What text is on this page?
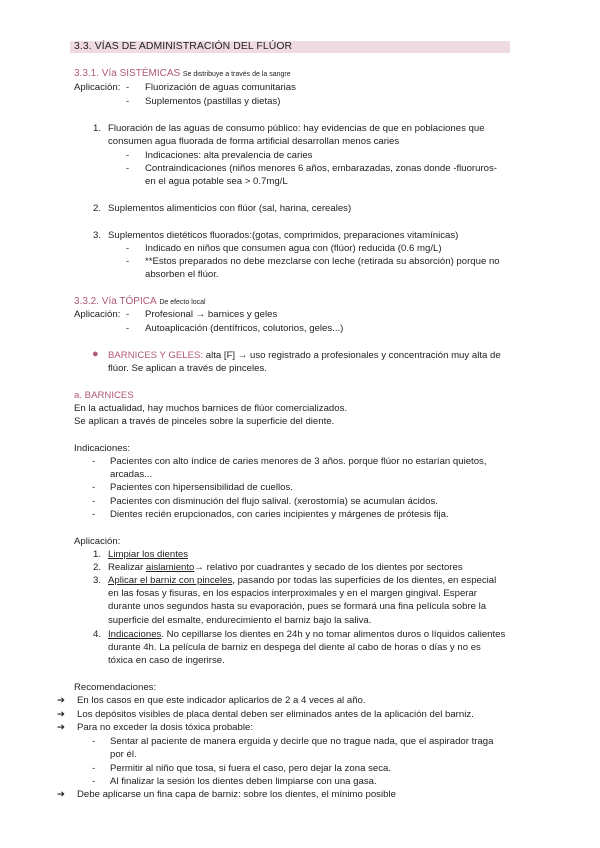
3.3. VÍAS DE ADMINISTRACIÓN DEL FLÚOR
3.3.1. Vía SISTÉMICAS Se distribuye a través de la sangre
Aplicación: - Fluorización de aguas comunitarias
- Suplementos (pastillas y dietas)
1. Fluoración de las aguas de consumo público: hay evidencias de que en poblaciones que
consumen agua fluorada de forma artificial desarrollan menos caries
- Indicaciones: alta prevalencia de caries
- Contraindicaciones (niños menores 6 años, embarazadas, zonas donde -fluoruros-
en el agua potable sea > 0.7mg/L
2. Suplementos alimenticios con flúor (sal, harina, cereales)
3. Suplementos dietéticos fluorados:(gotas, comprimidos, preparaciones vitamínicas)
- Indicado en niños que consumen agua con (flúor) reducida (0.6 mg/L)
- **Estos preparados no debe mezclarse con leche (retirada su absorción) porque no
absorben el flúor.
3.3.2. Vía TÓPICA De efecto local
Aplicación: - Profesional → barnices y geles
- Autoaplicación (dentífricos, colutorios, geles...)
● BARNICES Y GELES: alta [F] → uso registrado a profesionales y concentración muy alta de
flúor. Se aplican a través de pinceles.
a. BARNICES
En la actualidad, hay muchos barnices de flúor comercializados.
Se aplican a través de pinceles sobre la superficie del diente.
Indicaciones:
- Pacientes con alto índice de caries menores de 3 años. porque flúor no estarían quietos,
arcadas...
- Pacientes con hipersensibilidad de cuellos.
- Pacientes con disminución del flujo salival. (xerostomía) se acumulan ácidos.
- Dientes recién erupcionados, con caries incipientes y márgenes de prótesis fija.
Aplicación:
1. Limpiar los dientes
2. Realizar aislamiento→ relativo por cuadrantes y secado de los dientes por sectores
3. Aplicar el barniz con pinceles, pasando por todas las superficies de los dientes, en especial
en las fosas y fisuras, en los espacios interproximales y en el margen gingival. Esperar
durante unos segundos hasta su evaporación, pues se formará una fina película sobre la
superficie del esmalte, endurecimiento el barniz bajo la saliva.
4. Indicaciones. No cepillarse los dientes en 24h y no tomar alimentos duros o líquidos calientes
durante 4h. La película de barniz en despega del diente al cabo de horas o días y no es
tóxica en caso de ingerirse.
Recomendaciones:
➔ En los casos en que este indicador aplicarlos de 2 a 4 veces al año.
➔ Los depósitos visibles de placa dental deben ser eliminados antes de la aplicación del barniz.
➔ Para no exceder la dosis tóxica probable:
- Sentar al paciente de manera erguida y decirle que no trague nada, que el aspirador traga
por él.
- Permitir al niño que tosa, si fuera el caso, pero dejar la zona seca.
- Al finalizar la sesión los dientes deben limpiarse con una gasa.
➔ Debe aplicarse un fina capa de barniz: sobre los dientes, el mínimo posible
